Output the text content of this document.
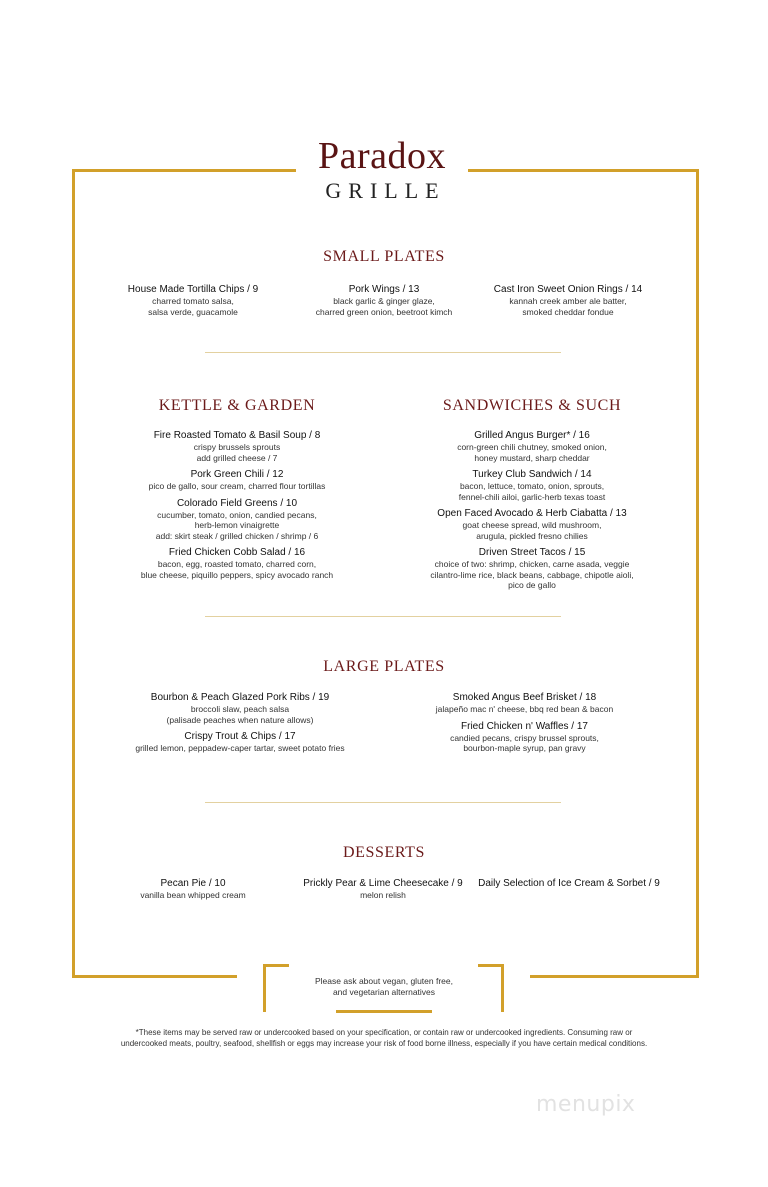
Paradox
GRILLE
SMALL PLATES
House Made Tortilla Chips / 9
charred tomato salsa,
salsa verde, guacamole
Pork Wings / 13
black garlic & ginger glaze,
charred green onion, beetroot kimch
Cast Iron Sweet Onion Rings / 14
kannah creek amber ale batter,
smoked cheddar fondue
KETTLE & GARDEN
Fire Roasted Tomato & Basil Soup / 8
crispy brussels sprouts
add grilled cheese / 7
Pork Green Chili / 12
pico de gallo, sour cream, charred flour tortillas
Colorado Field Greens / 10
cucumber, tomato, onion, candied pecans,
herb-lemon vinaigrette
add: skirt steak / grilled chicken / shrimp / 6
Fried Chicken Cobb Salad / 16
bacon, egg, roasted tomato, charred corn,
blue cheese, piquillo peppers, spicy avocado ranch
SANDWICHES & SUCH
Grilled Angus Burger* / 16
corn-green chili chutney, smoked onion,
honey mustard, sharp cheddar
Turkey Club Sandwich / 14
bacon, lettuce, tomato, onion, sprouts,
fennel-chili ailoi, garlic-herb texas toast
Open Faced Avocado & Herb Ciabatta / 13
goat cheese spread, wild mushroom,
arugula, pickled fresno chilies
Driven Street Tacos / 15
choice of two: shrimp, chicken, carne asada, veggie
cilantro-lime rice, black beans, cabbage, chipotle aioli,
pico de gallo
LARGE PLATES
Bourbon & Peach Glazed Pork Ribs / 19
broccoli slaw, peach salsa
(palisade peaches when nature allows)
Crispy Trout & Chips / 17
grilled lemon, peppadew-caper tartar, sweet potato fries
Smoked Angus Beef Brisket / 18
jalapeño mac n' cheese, bbq red bean & bacon
Fried Chicken n' Waffles / 17
candied pecans, crispy brussel sprouts,
bourbon-maple syrup, pan gravy
DESSERTS
Pecan Pie / 10
vanilla bean whipped cream
Prickly Pear & Lime Cheesecake / 9
melon relish
Daily Selection of Ice Cream & Sorbet / 9
Please ask about vegan, gluten free,
and vegetarian alternatives
*These items may be served raw or undercooked based on your specification, or contain raw or undercooked ingredients. Consuming raw or
undercooked meats, poultry, seafood, shellfish or eggs may increase your risk of food borne illness, especially if you have certain medical conditions.
menupix
